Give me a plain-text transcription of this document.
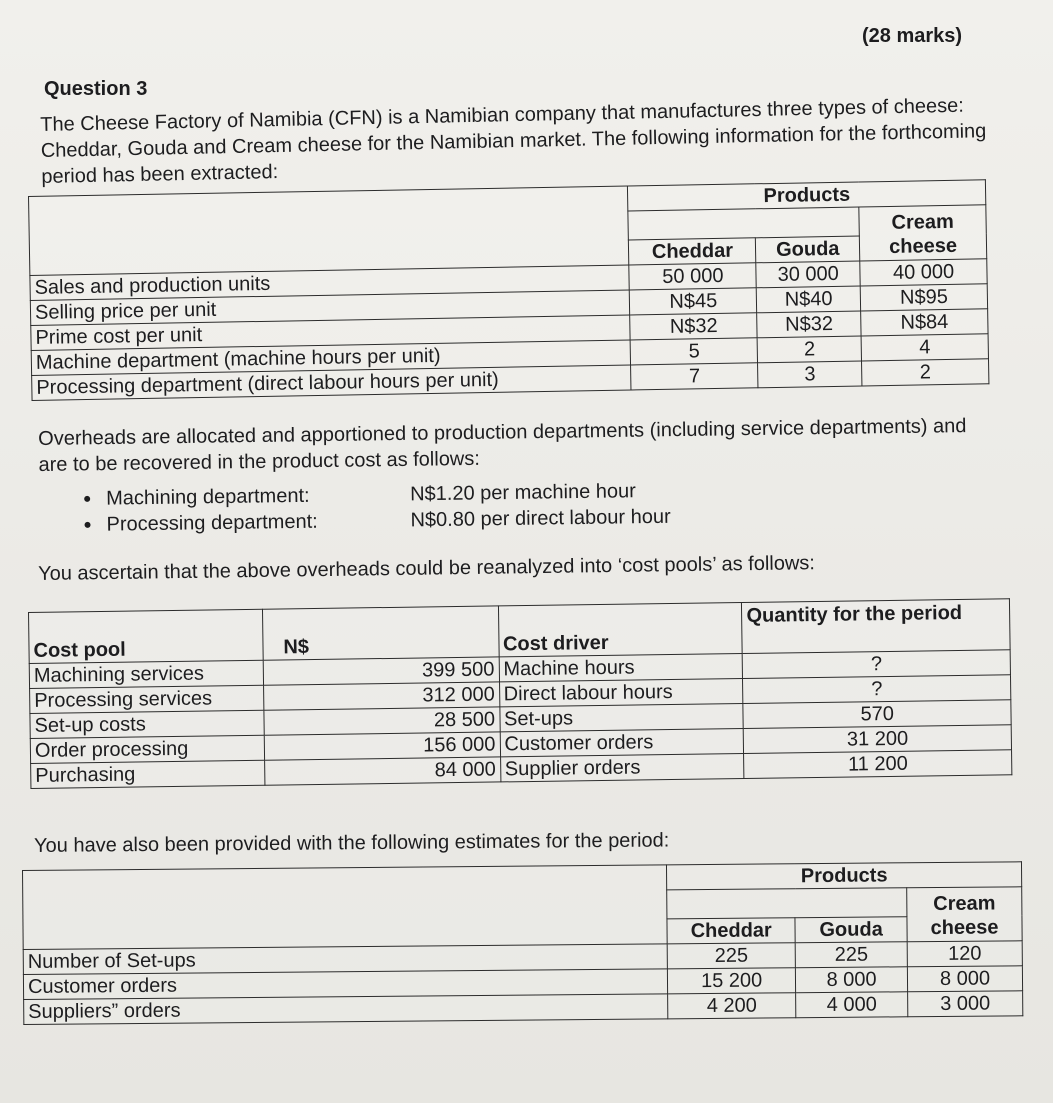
(28 marks)
Question 3
The Cheese Factory of Namibia (CFN) is a Namibian company that manufactures three types of cheese: Cheddar, Gouda and Cream cheese for the Namibian market. The following information for the forthcoming period has been extracted:
	Products		
			Cream
	Cheddar	Gouda	cheese
Sales and production units	50 000	30 000	40 000
Selling price per unit	N$45	N$40	N$95
Prime cost per unit	N$32	N$32	N$84
Machine department (machine hours per unit)	5	2	4
Processing department (direct labour hours per unit)	7	3	2
Overheads are allocated and apportioned to production departments (including service departments) and are to be recovered in the product cost as follows:
Machining department:	N$1.20 per machine hour
Processing department:	N$0.80 per direct labour hour
You ascertain that the above overheads could be reanalyzed into ‘cost pools’ as follows:
Cost pool	N$	Cost driver	Quantity for the period
Machining services	399 500	Machine hours	?
Processing services	312 000	Direct labour hours	?
Set-up costs	28 500	Set-ups	570
Order processing	156 000	Customer orders	31 200
Purchasing	84 000	Supplier orders	11 200
You have also been provided with the following estimates for the period:
	Products		
			Cream
	Cheddar	Gouda	cheese
Number of Set-ups	225	225	120
Customer orders	15 200	8 000	8 000
Suppliers” orders	4 200	4 000	3 000
